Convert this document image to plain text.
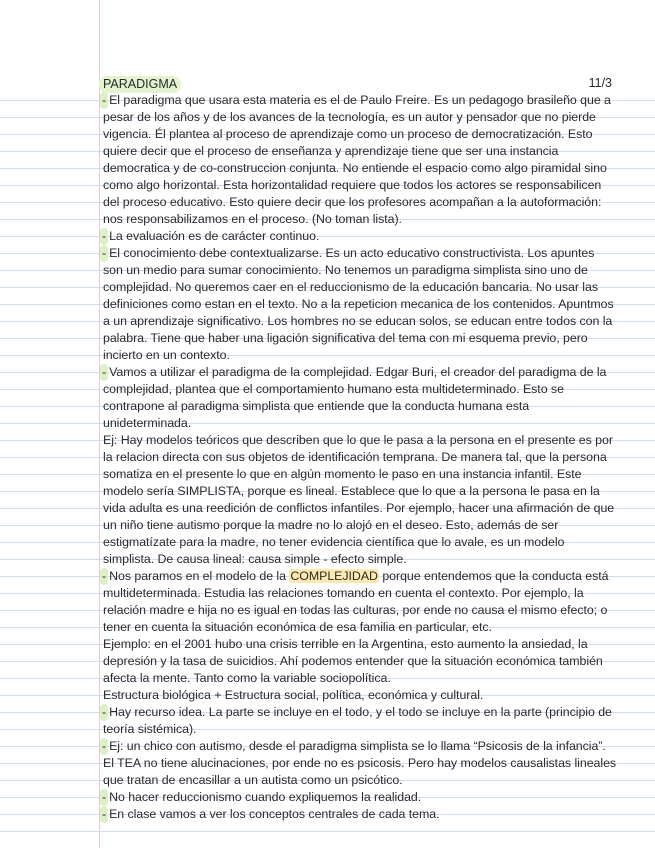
PARADIGMA	11/3

- El paradigma que usara esta materia es el de Paulo Freire. Es un pedagogo brasileño que a pesar de los años y de los avances de la tecnología, es un autor y pensador que no pierde vigencia. Él plantea al proceso de aprendizaje como un proceso de democratización. Esto quiere decir que el proceso de enseñanza y aprendizaje tiene que ser una instancia democratica y de co-construccion conjunta. No entiende el espacio como algo piramidal sino como algo horizontal. Esta horizontalidad requiere que todos los actores se responsabilicen del proceso educativo. Esto quiere decir que los profesores acompañan a la autoformación: nos responsabilizamos en el proceso. (No toman lista).

- La evaluación es de carácter continuo.

- El conocimiento debe contextualizarse. Es un acto educativo constructivista. Los apuntes son un medio para sumar conocimiento. No tenemos un paradigma simplista sino uno de complejidad. No queremos caer en el reduccionismo de la educación bancaria. No usar las definiciones como estan en el texto. No a la repeticion mecanica de los contenidos. Apuntmos a un aprendizaje significativo. Los hombres no se educan solos, se educan entre todos con la palabra. Tiene que haber una ligación significativa del tema con mi esquema previo, pero incierto en un contexto.

- Vamos a utilizar el paradigma de la complejidad. Edgar Buri, el creador del paradigma de la complejidad, plantea que el comportamiento humano esta multideterminado. Esto se contrapone al paradigma simplista que entiende que la conducta humana esta unideterminada.

Ej: Hay modelos teóricos que describen que lo que le pasa a la persona en el presente es por la relacion directa con sus objetos de identificación temprana. De manera tal, que la persona somatiza en el presente lo que en algún momento le paso en una instancia infantil. Este modelo sería SIMPLISTA, porque es lineal. Establece que lo que a la persona le pasa en la vida adulta es una reedición de conflictos infantiles. Por ejemplo, hacer una afirmación de que un niño tiene autismo porque la madre no lo alojó en el deseo. Esto, además de ser estigmatízate para la madre, no tener evidencia científica que lo avale, es un modelo simplista. De causa lineal: causa simple - efecto simple.

- Nos paramos en el modelo de la COMPLEJIDAD porque entendemos que la conducta está multideterminada. Estudia las relaciones tomando en cuenta el contexto. Por ejemplo, la relación madre e hija no es igual en todas las culturas, por ende no causa el mismo efecto; o tener en cuenta la situación económica de esa familia en particular, etc.

Ejemplo: en el 2001 hubo una crisis terrible en la Argentina, esto aumento la ansiedad, la depresión y la tasa de suicidios. Ahí podemos entender que la situación económica también afecta la mente. Tanto como la variable sociopolítica.

Estructura biológica + Estructura social, política, económica y cultural.

- Hay recurso idea. La parte se incluye en el todo, y el todo se incluye en la parte (principio de teoría sistémica).

- Ej: un chico con autismo, desde el paradigma simplista se lo llama “Psicosis de la infancia”. El TEA no tiene alucinaciones, por ende no es psicosis. Pero hay modelos causalistas lineales que tratan de encasillar a un autista como un psicótico.

- No hacer reduccionismo cuando expliquemos la realidad.

- En clase vamos a ver los conceptos centrales de cada tema.
